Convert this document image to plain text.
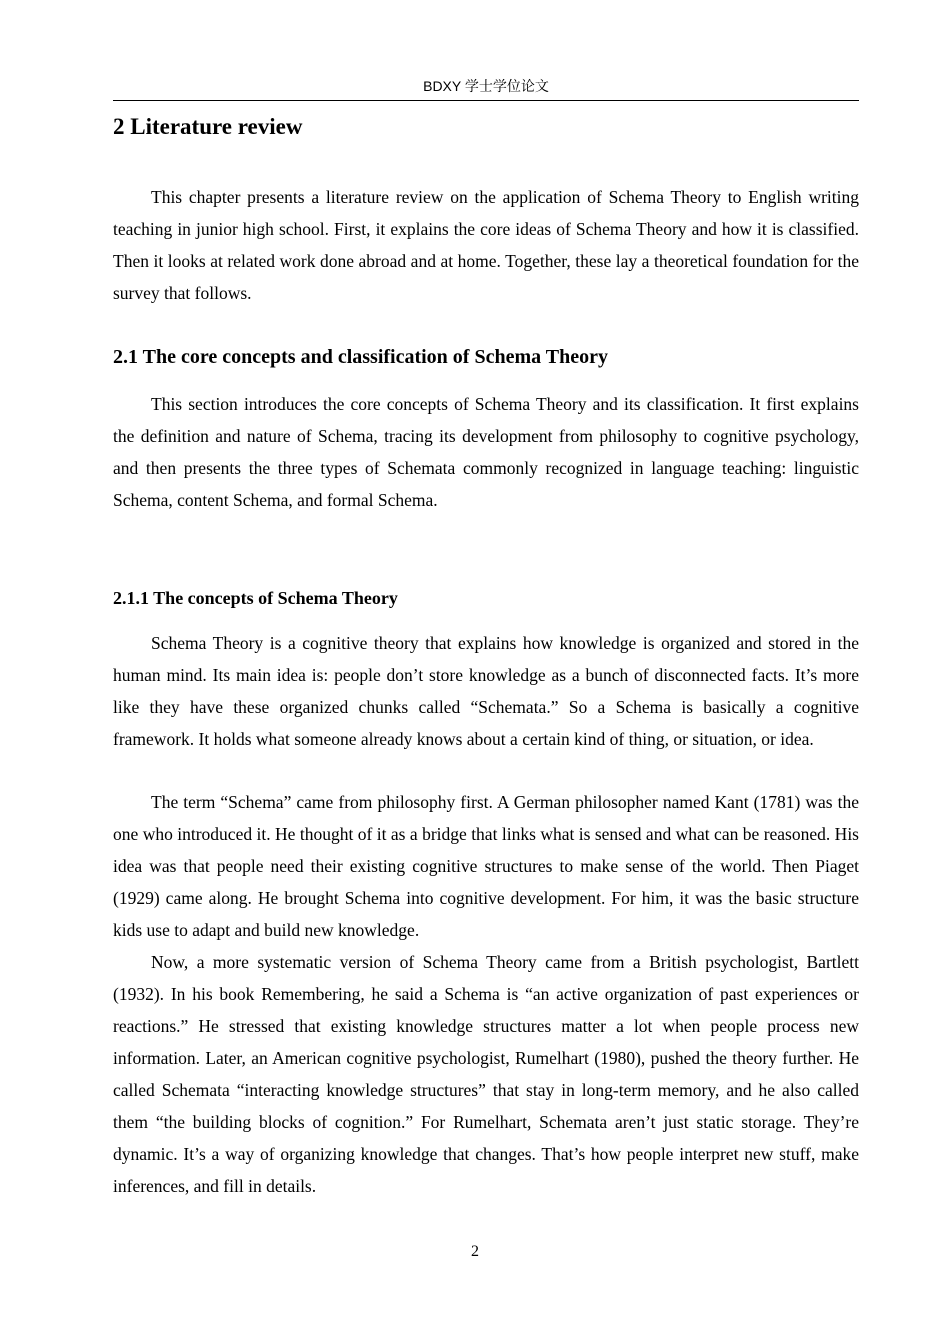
BDXY 学士学位论文
2 Literature review

This chapter presents a literature review on the application of Schema Theory to English writing teaching in junior high school. First, it explains the core ideas of Schema Theory and how it is classified. Then it looks at related work done abroad and at home. Together, these lay a theoretical foundation for the survey that follows.

2.1 The core concepts and classification of Schema Theory

This section introduces the core concepts of Schema Theory and its classification. It first explains the definition and nature of Schema, tracing its development from philosophy to cognitive psychology, and then presents the three types of Schemata commonly recognized in language teaching: linguistic Schema, content Schema, and formal Schema.

2.1.1 The concepts of Schema Theory

Schema Theory is a cognitive theory that explains how knowledge is organized and stored in the human mind. Its main idea is: people don’t store knowledge as a bunch of disconnected facts. It’s more like they have these organized chunks called “Schemata.” So a Schema is basically a cognitive framework. It holds what someone already knows about a certain kind of thing, or situation, or idea.

The term “Schema” came from philosophy first. A German philosopher named Kant (1781) was the one who introduced it. He thought of it as a bridge that links what is sensed and what can be reasoned. His idea was that people need their existing cognitive structures to make sense of the world. Then Piaget (1929) came along. He brought Schema into cognitive development. For him, it was the basic structure kids use to adapt and build new knowledge.

Now, a more systematic version of Schema Theory came from a British psychologist, Bartlett (1932). In his book Remembering, he said a Schema is “an active organization of past experiences or reactions.” He stressed that existing knowledge structures matter a lot when people process new information. Later, an American cognitive psychologist, Rumelhart (1980), pushed the theory further. He called Schemata “interacting knowledge structures” that stay in long-term memory, and he also called them “the building blocks of cognition.” For Rumelhart, Schemata aren’t just static storage. They’re dynamic. It’s a way of organizing knowledge that changes. That’s how people interpret new stuff, make inferences, and fill in details.

2
